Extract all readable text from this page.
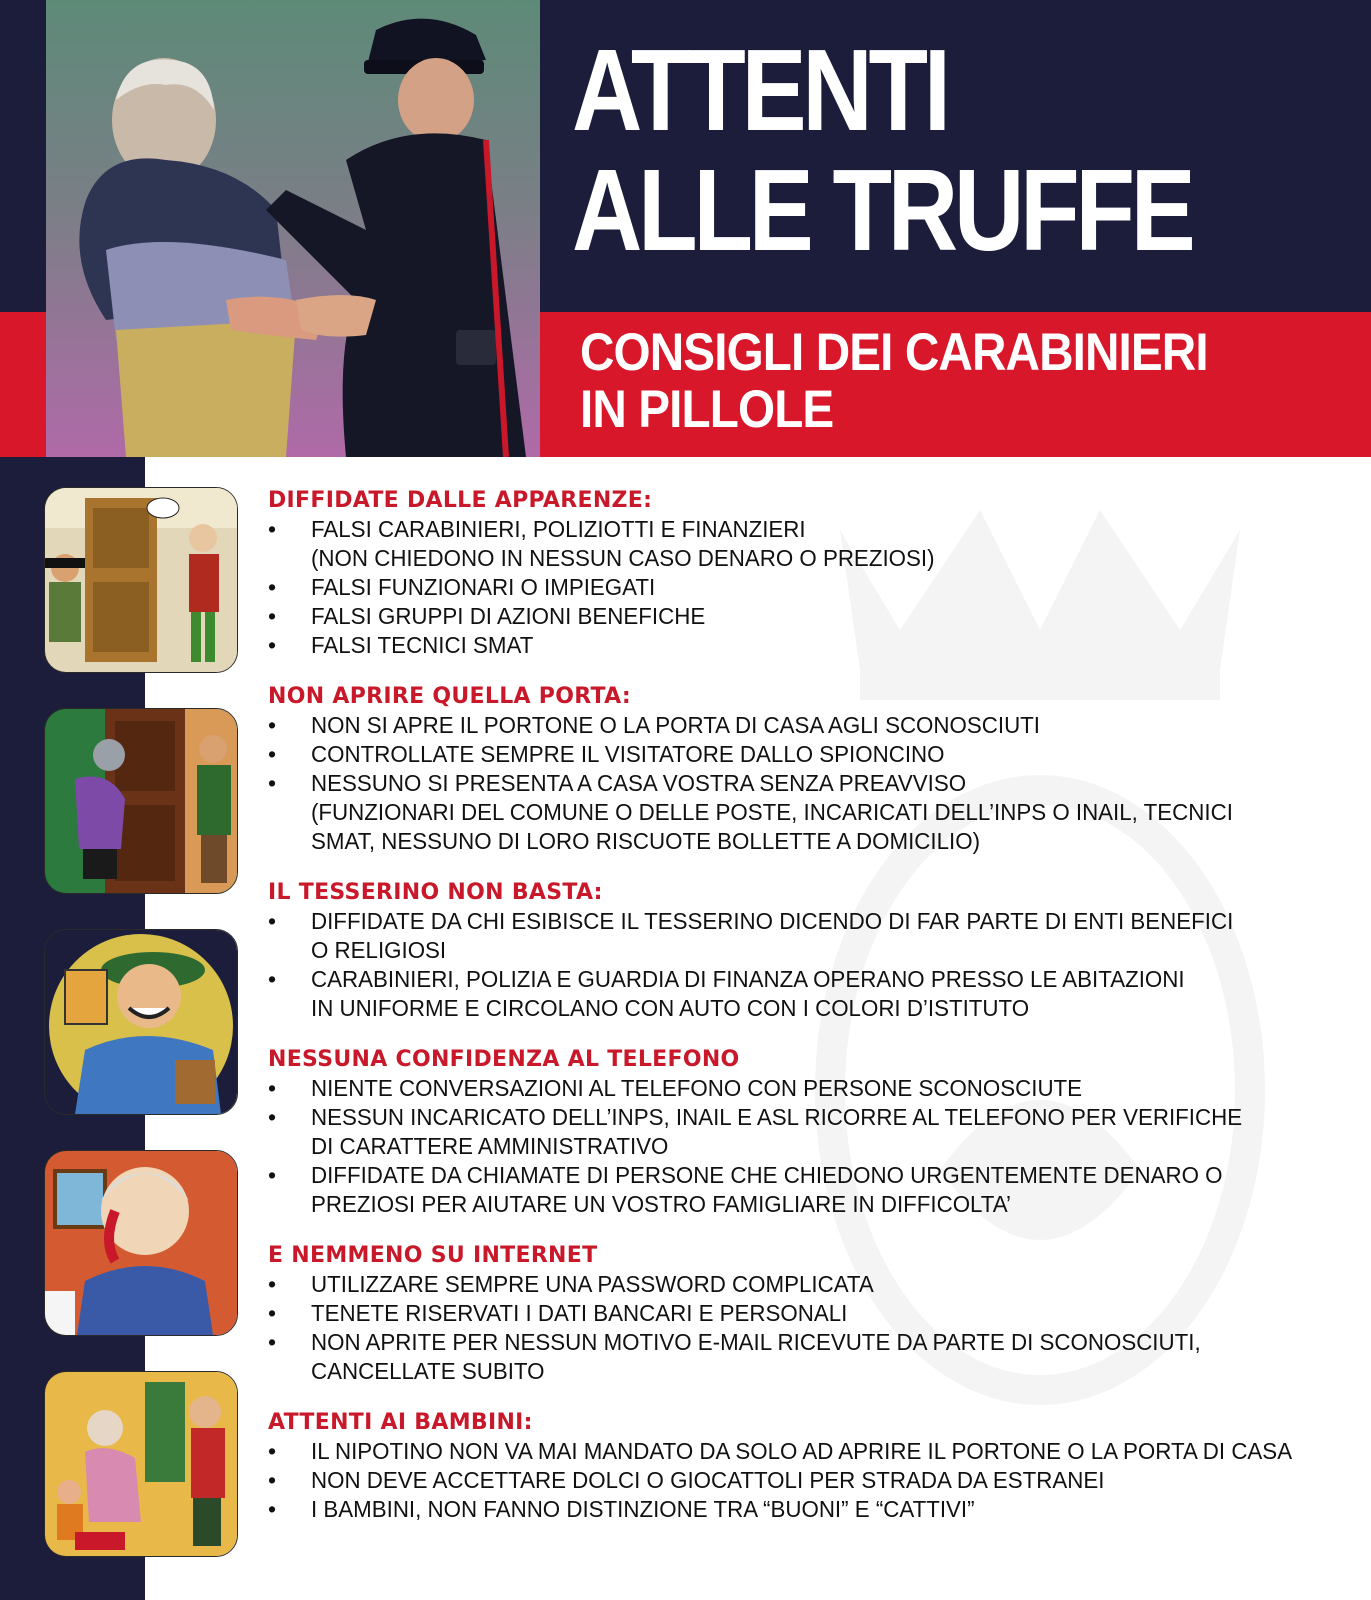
ATTENTI
ALLE TRUFFE
CONSIGLI DEI CARABINIERI
IN PILLOLE
DIFFIDATE DALLE APPARENZE:
• FALSI CARABINIERI, POLIZIOTTI E FINANZIERI
(NON CHIEDONO IN NESSUN CASO DENARO O PREZIOSI)
• FALSI FUNZIONARI O IMPIEGATI
• FALSI GRUPPI DI AZIONI BENEFICHE
• FALSI TECNICI SMAT
NON APRIRE QUELLA PORTA:
• NON SI APRE IL PORTONE O LA PORTA DI CASA AGLI SCONOSCIUTI
• CONTROLLATE SEMPRE IL VISITATORE DALLO SPIONCINO
• NESSUNO SI PRESENTA A CASA VOSTRA SENZA PREAVVISO
(FUNZIONARI DEL COMUNE O DELLE POSTE, INCARICATI DELL’INPS O INAIL, TECNICI
SMAT, NESSUNO DI LORO RISCUOTE BOLLETTE A DOMICILIO)
IL TESSERINO NON BASTA:
• DIFFIDATE DA CHI ESIBISCE IL TESSERINO DICENDO DI FAR PARTE DI ENTI BENEFICI
O RELIGIOSI
• CARABINIERI, POLIZIA E GUARDIA DI FINANZA OPERANO PRESSO LE ABITAZIONI
IN UNIFORME E CIRCOLANO CON AUTO CON I COLORI D’ISTITUTO
NESSUNA CONFIDENZA AL TELEFONO
• NIENTE CONVERSAZIONI AL TELEFONO CON PERSONE SCONOSCIUTE
• NESSUN INCARICATO DELL’INPS, INAIL E ASL RICORRE AL TELEFONO PER VERIFICHE
DI CARATTERE AMMINISTRATIVO
• DIFFIDATE DA CHIAMATE DI PERSONE CHE CHIEDONO URGENTEMENTE DENARO O
PREZIOSI PER AIUTARE UN VOSTRO FAMIGLIARE IN DIFFICOLTA’
E NEMMENO SU INTERNET
• UTILIZZARE SEMPRE UNA PASSWORD COMPLICATA
• TENETE RISERVATI I DATI BANCARI E PERSONALI
• NON APRITE PER NESSUN MOTIVO E-MAIL RICEVUTE DA PARTE DI SCONOSCIUTI,
CANCELLATE SUBITO
ATTENTI AI BAMBINI:
• IL NIPOTINO NON VA MAI MANDATO DA SOLO AD APRIRE IL PORTONE O LA PORTA DI CASA
• NON DEVE ACCETTARE DOLCI O GIOCATTOLI PER STRADA DA ESTRANEI
• I BAMBINI, NON FANNO DISTINZIONE TRA “BUONI” E “CATTIVI”
